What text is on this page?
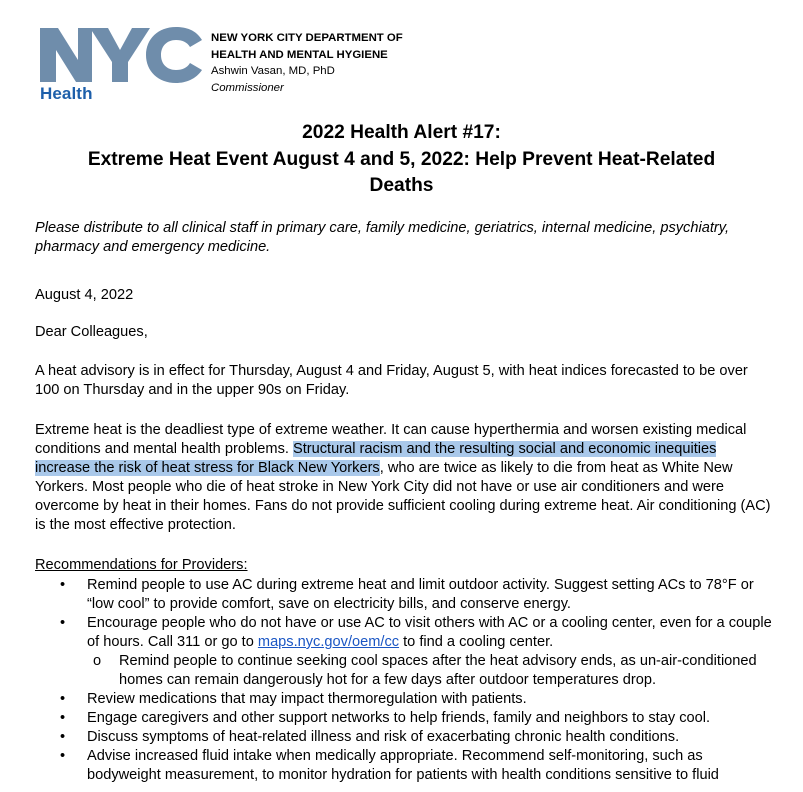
Health
NEW YORK CITY DEPARTMENT OF
HEALTH AND MENTAL HYGIENE
Ashwin Vasan, MD, PhD
Commissioner
2022 Health Alert #17:
Extreme Heat Event August 4 and 5, 2022: Help Prevent Heat-Related
Deaths
Please distribute to all clinical staff in primary care, family medicine, geriatrics, internal medicine, psychiatry, pharmacy and emergency medicine.
August 4, 2022
Dear Colleagues,
A heat advisory is in effect for Thursday, August 4 and Friday, August 5, with heat indices forecasted to be over 100 on Thursday and in the upper 90s on Friday.
Extreme heat is the deadliest type of extreme weather. It can cause hyperthermia and worsen existing medical conditions and mental health problems. Structural racism and the resulting social and economic inequities increase the risk of heat stress for Black New Yorkers, who are twice as likely to die from heat as White New Yorkers. Most people who die of heat stroke in New York City did not have or use air conditioners and were overcome by heat in their homes. Fans do not provide sufficient cooling during extreme heat. Air conditioning (AC) is the most effective protection.
Recommendations for Providers:
• Remind people to use AC during extreme heat and limit outdoor activity. Suggest setting ACs to 78°F or “low cool” to provide comfort, save on electricity bills, and conserve energy.
• Encourage people who do not have or use AC to visit others with AC or a cooling center, even for a couple of hours. Call 311 or go to maps.nyc.gov/oem/cc to find a cooling center.
o Remind people to continue seeking cool spaces after the heat advisory ends, as un-air-conditioned homes can remain dangerously hot for a few days after outdoor temperatures drop.
• Review medications that may impact thermoregulation with patients.
• Engage caregivers and other support networks to help friends, family and neighbors to stay cool.
• Discuss symptoms of heat-related illness and risk of exacerbating chronic health conditions.
• Advise increased fluid intake when medically appropriate. Recommend self-monitoring, such as bodyweight measurement, to monitor hydration for patients with health conditions sensitive to fluid
